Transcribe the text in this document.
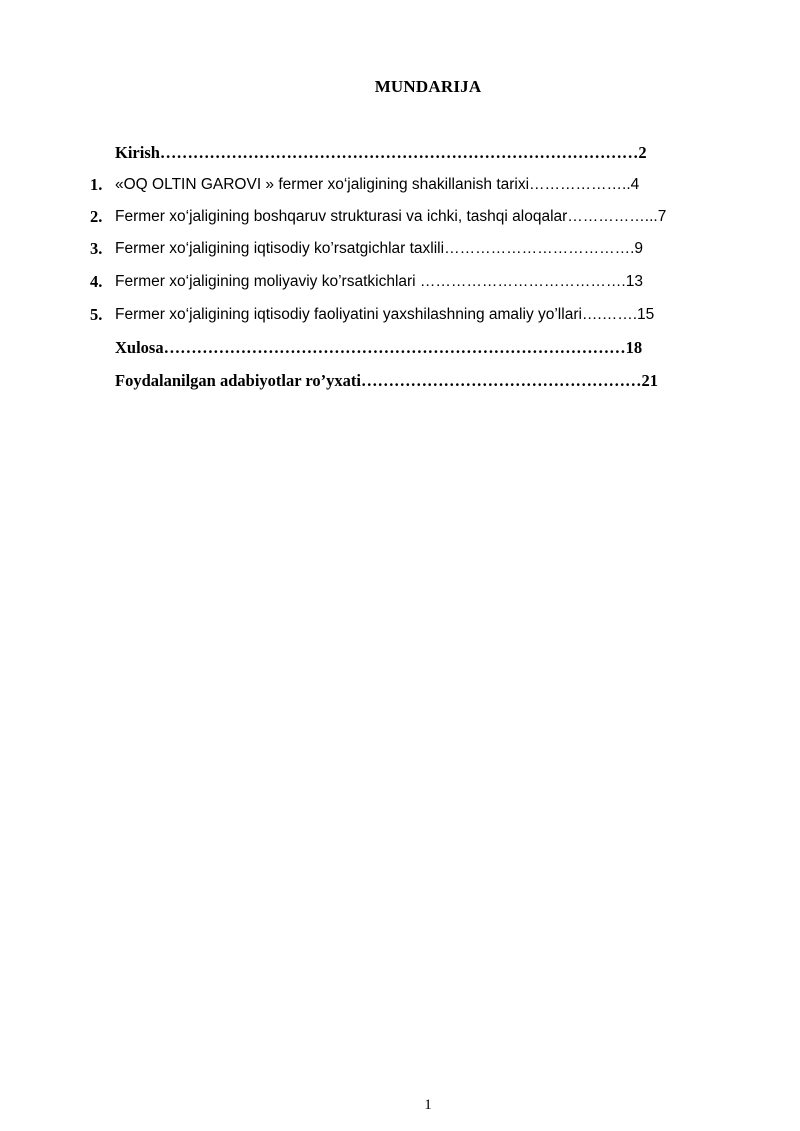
MUNDARIJA
Kirish……………………………………………………………………………2
1. «OQ OLTIN GAROVI » fermer xo‘jaligining shakillanish tarixi………………..4
2. Fermer xo‘jaligining boshqaruv strukturasi va ichki, tashqi aloqalar……………...7
3. Fermer xo‘jaligining iqtisodiy ko’rsatgichlar taxlili……………………………….9
4. Fermer xo‘jaligining moliyaviy ko’rsatkichlari ………………………………….13
5. Fermer xo‘jaligining iqtisodiy faoliyatini yaxshilashning amaliy yo’llari….…….15
Xulosa…………………………………………………………………………18
Foydalanilgan adabiyotlar ro’yxati……………………………………………21
1
